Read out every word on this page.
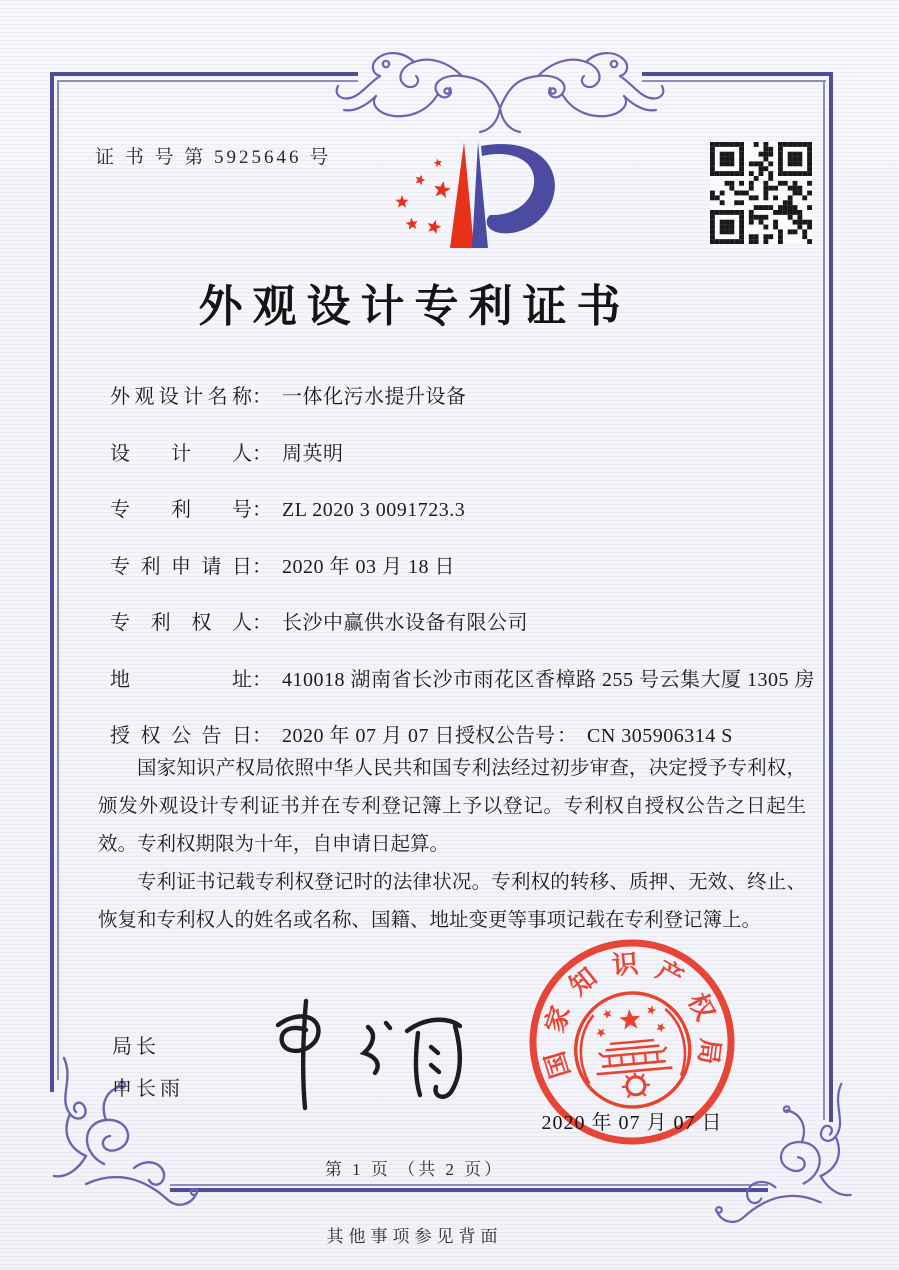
证 书 号 第 5925646 号
外观设计专利证书
外观设计名称： 一体化污水提升设备
设计人： 周英明
专利号： ZL 2020 3 0091723.3
专利申请日： 2020 年 03 月 18 日
专利权人： 长沙中赢供水设备有限公司
地址： 410018 湖南省长沙市雨花区香樟路 255 号云集大厦 1305 房
授权公告日： 2020 年 07 月 07 日 授权公告号 ： CN 305906314 S

国家知识产权局依照中华人民共和国专利法经过初步审查，决定授予专利权，颁发外观设计专利证书并在专利登记簿上予以登记。专利权自授权公告之日起生效。专利权期限为十年，自申请日起算。

专利证书记载专利权登记时的法律状况。专利权的转移、质押、无效、终止、恢复和专利权人的姓名或名称、国籍、地址变更等事项记载在专利登记簿上。

局长
申长雨
国
家
知 识 产
权
局
2020 年 07 月 07 日
第 1 页 （共 2 页）
其他事项参见背面
